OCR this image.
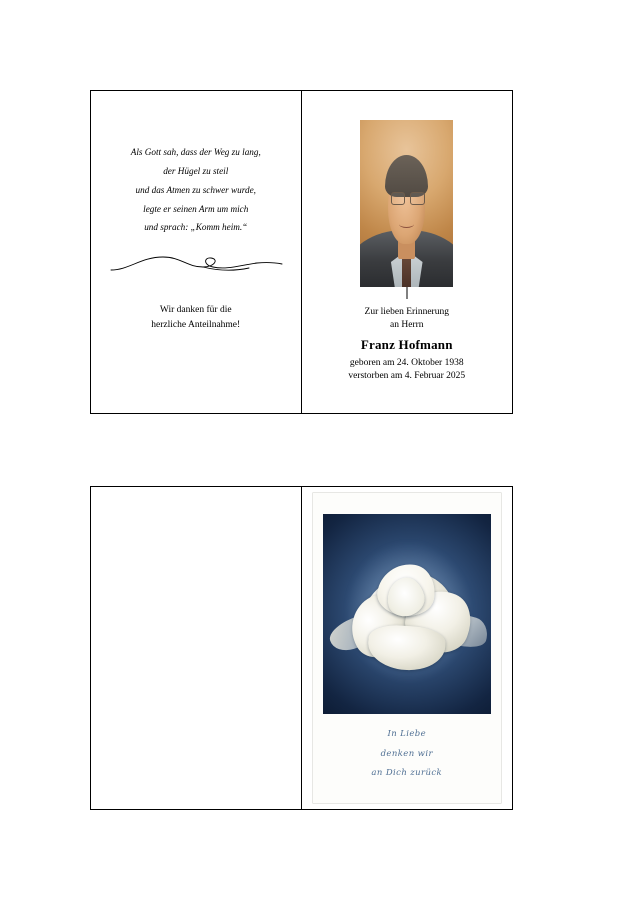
Als Gott sah, dass der Weg zu lang,
der Hügel zu steil
und das Atmen zu schwer wurde,
legte er seinen Arm um mich
und sprach: „Komm heim.“
Wir danken für die
herzliche Anteilnahme!
Zur lieben Erinnerung
an Herrn
Franz Hofmann
geboren am 24. Oktober 1938
verstorben am 4. Februar 2025
In Liebe
denken wir
an Dich zurück
